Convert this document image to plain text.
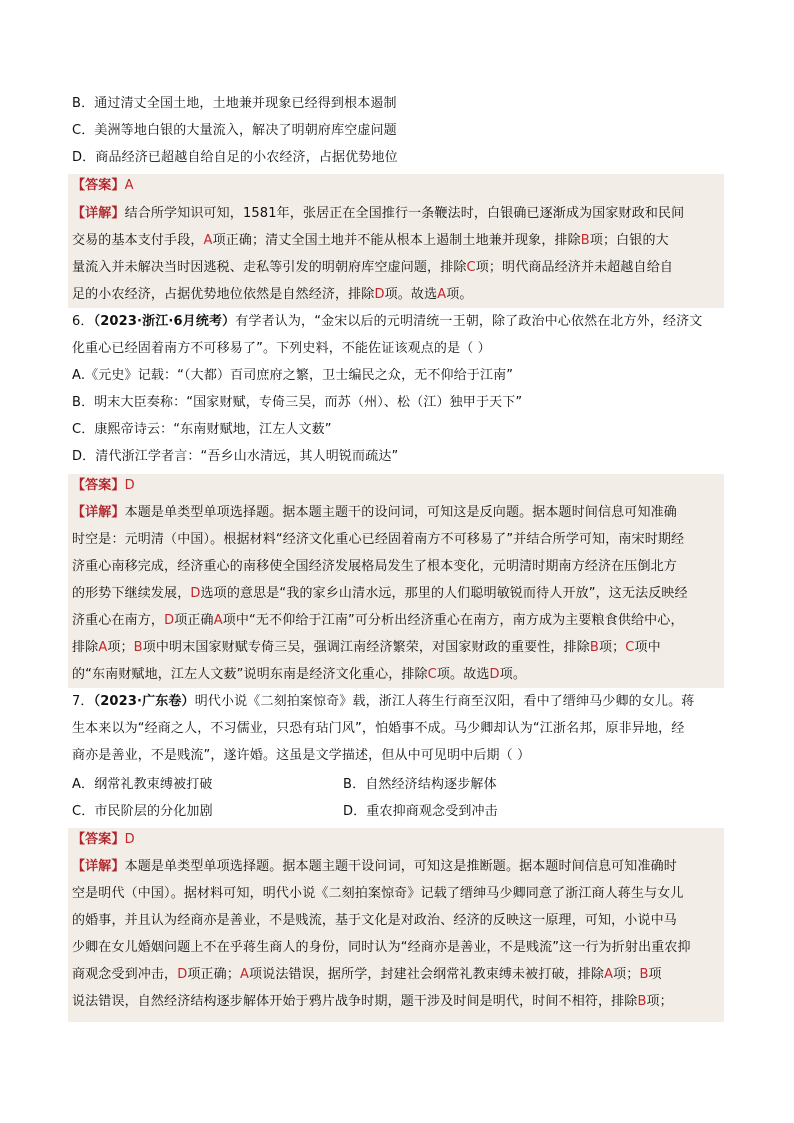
B．通过清丈全国土地，土地兼并现象已经得到根本遏制
C．美洲等地白银的大量流入，解决了明朝府库空虚问题
D．商品经济已超越自给自足的小农经济，占据优势地位
【答案】A
【详解】结合所学知识可知，1581年，张居正在全国推行一条鞭法时，白银确已逐渐成为国家财政和民间
交易的基本支付手段，A项正确；清丈全国土地并不能从根本上遏制土地兼并现象，排除B项；白银的大
量流入并未解决当时因逃税、走私等引发的明朝府库空虚问题，排除C项；明代商品经济并未超越自给自
足的小农经济，占据优势地位依然是自然经济，排除D项。故选A项。
6．（2023·浙江·6月统考）有学者认为，“金宋以后的元明清统一王朝，除了政治中心依然在北方外，经济文
化重心已经固着南方不可移易了”。下列史料，不能佐证该观点的是（ ）
A.《元史》记载：“（大都）百司庶府之繁，卫士编民之众，无不仰给于江南”
B．明末大臣奏称：“国家财赋，专倚三吴，而苏（州）、松（江）独甲于天下”
C．康熙帝诗云：“东南财赋地，江左人文薮”
D．清代浙江学者言：“吾乡山水清远，其人明锐而疏达”
【答案】D
【详解】本题是单类型单项选择题。据本题主题干的设问词，可知这是反向题。据本题时间信息可知准确
时空是：元明清（中国）。根据材料“经济文化重心已经固着南方不可移易了”并结合所学可知，南宋时期经
济重心南移完成，经济重心的南移使全国经济发展格局发生了根本变化，元明清时期南方经济在压倒北方
的形势下继续发展，D选项的意思是“我的家乡山清水远，那里的人们聪明敏锐而待人开放”，这无法反映经
济重心在南方，D项正确A项中“无不仰给于江南”可分析出经济重心在南方，南方成为主要粮食供给中心，
排除A项；B项中明末国家财赋专倚三吴，强调江南经济繁荣，对国家财政的重要性，排除B项；C项中
的“东南财赋地，江左人文薮”说明东南是经济文化重心，排除C项。故选D项。
7．（2023·广东卷）明代小说《二刻拍案惊奇》载，浙江人蒋生行商至汉阳，看中了缙绅马少卿的女儿。蒋
生本来以为“经商之人，不习儒业，只恐有玷门风”，怕婚事不成。马少卿却认为“江浙名邦，原非异地，经
商亦是善业，不是贱流”，遂许婚。这虽是文学描述，但从中可见明中后期（ ）
A．纲常礼教束缚被打破	B．自然经济结构逐步解体
C．市民阶层的分化加剧	D．重农抑商观念受到冲击
【答案】D
【详解】本题是单类型单项选择题。据本题主题干设问词，可知这是推断题。据本题时间信息可知准确时
空是明代（中国）。据材料可知，明代小说《二刻拍案惊奇》记载了缙绅马少卿同意了浙江商人蒋生与女儿
的婚事，并且认为经商亦是善业，不是贱流，基于文化是对政治、经济的反映这一原理，可知，小说中马
少卿在女儿婚姻问题上不在乎蒋生商人的身份，同时认为“经商亦是善业，不是贱流”这一行为折射出重农抑
商观念受到冲击，D项正确；A项说法错误，据所学，封建社会纲常礼教束缚未被打破，排除A项；B项
说法错误，自然经济结构逐步解体开始于鸦片战争时期，题干涉及时间是明代，时间不相符，排除B项；
